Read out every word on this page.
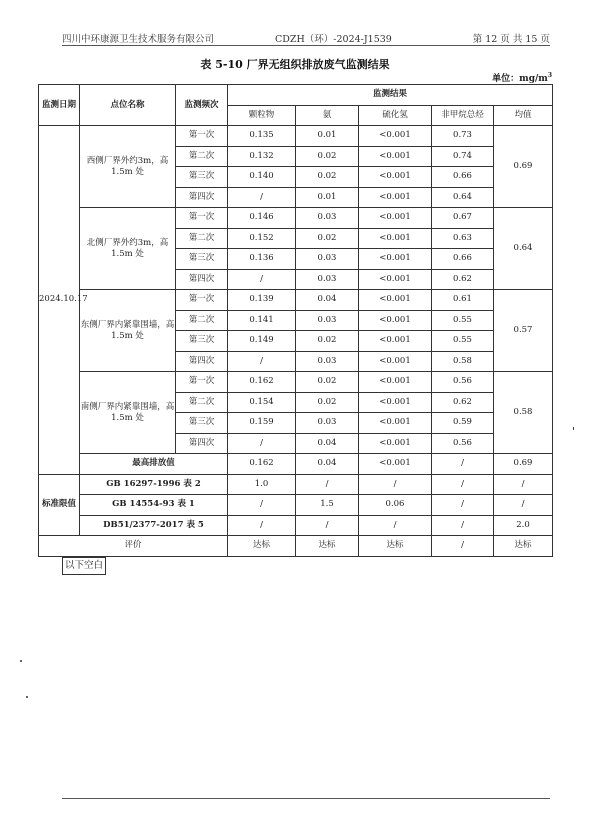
四川中环康源卫生技术服务有限公司	CDZH（环）-2024-J1539	第 12 页 共 15 页
表 5-10 厂界无组织排放废气监测结果
单位：$mg/m^3$
监测日期	点位名称	监测频次	监测结果				
			颗粒物	氨	硫化氢	非甲烷总烃	均值
2024.10.17	西侧厂界外约3m，高 1.5m 处	第一次	0.135	0.01	<0.001	0.73	0.69
		第二次	0.132	0.02	<0.001	0.74	
		第三次	0.140	0.02	<0.001	0.66	
		第四次	/	0.01	<0.001	0.64	
	北侧厂界外约3m，高 1.5m 处	第一次	0.146	0.03	<0.001	0.67	0.64
		第二次	0.152	0.02	<0.001	0.63	
		第三次	0.136	0.03	<0.001	0.66	
		第四次	/	0.03	<0.001	0.62	
	东侧厂界内紧靠围墙，高 1.5m 处	第一次	0.139	0.04	<0.001	0.61	0.57
		第二次	0.141	0.03	<0.001	0.55	
		第三次	0.149	0.02	<0.001	0.55	
		第四次	/	0.03	<0.001	0.58	
	南侧厂界内紧靠围墙，高 1.5m 处	第一次	0.162	0.02	<0.001	0.56	0.58
		第二次	0.154	0.02	<0.001	0.62	
		第三次	0.159	0.03	<0.001	0.59	
		第四次	/	0.04	<0.001	0.56	
	最高排放值		0.162	0.04	<0.001	/	0.69
标准限值	GB 16297-1996 表 2		1.0	/	/	/	/
	GB 14554-93 表 1		/	1.5	0.06	/	/
	DB51/2377-2017 表 5		/	/	/	/	2.0
评价			达标	达标	达标	/	达标
以下空白
